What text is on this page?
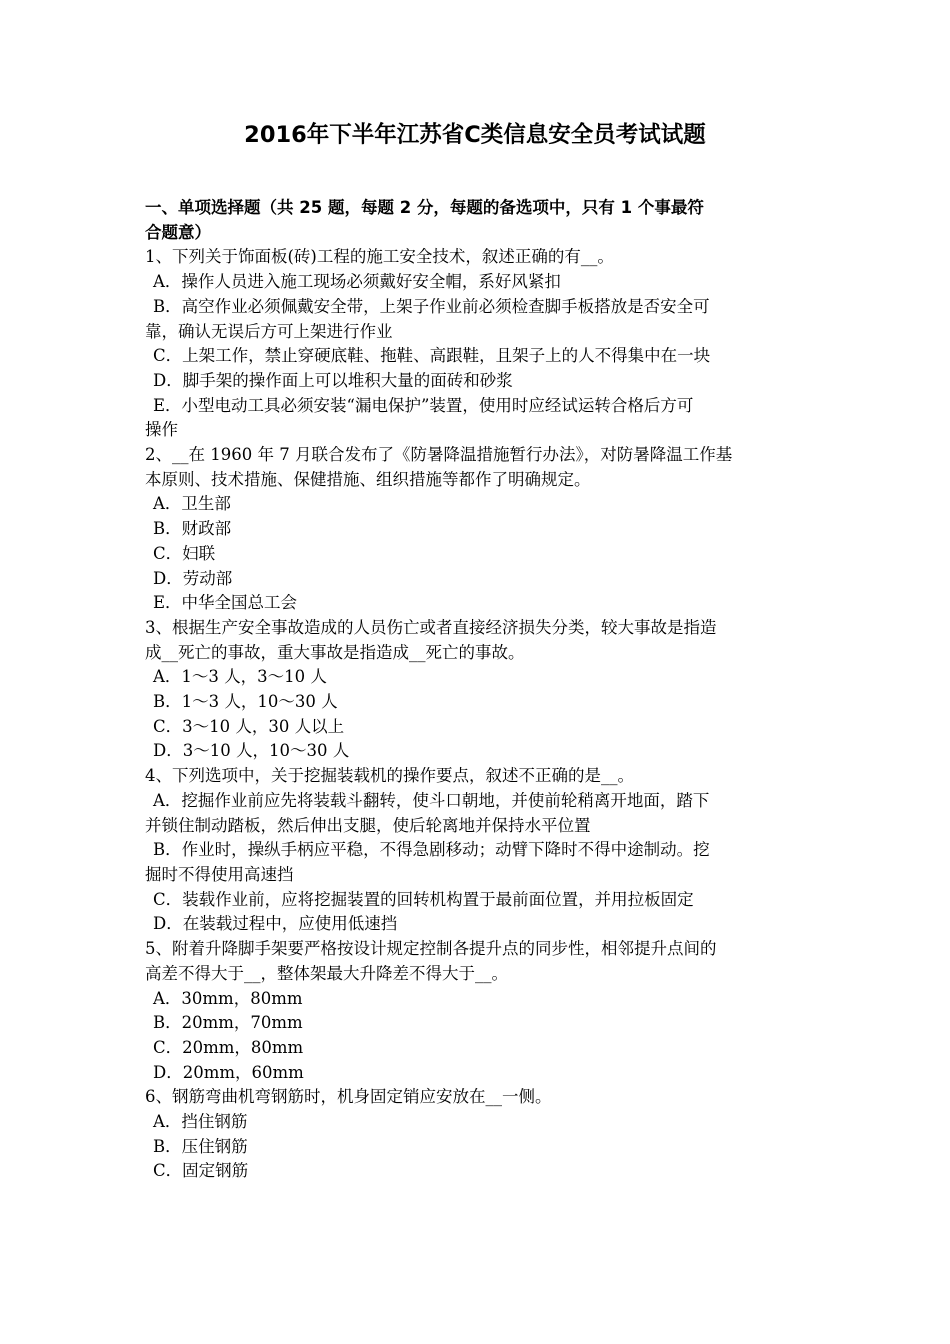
2016年下半年江苏省C类信息安全员考试试题
一、单项选择题（共 25 题，每题 2 分，每题的备选项中，只有 1 个事最符
合题意）
1、下列关于饰面板(砖)工程的施工安全技术，叙述正确的有__。
A．操作人员进入施工现场必须戴好安全帽，系好风紧扣
B．高空作业必须佩戴安全带，上架子作业前必须检查脚手板搭放是否安全可
靠，确认无误后方可上架进行作业
C．上架工作，禁止穿硬底鞋、拖鞋、高跟鞋，且架子上的人不得集中在一块
D．脚手架的操作面上可以堆积大量的面砖和砂浆
E．小型电动工具必须安装“漏电保护”装置，使用时应经试运转合格后方可
操作
2、__在 1960 年 7 月联合发布了《防暑降温措施暂行办法》，对防暑降温工作基
本原则、技术措施、保健措施、组织措施等都作了明确规定。
A．卫生部
B．财政部
C．妇联
D．劳动部
E．中华全国总工会
3、根据生产安全事故造成的人员伤亡或者直接经济损失分类，较大事故是指造
成__死亡的事故，重大事故是指造成__死亡的事故。
A．1～3 人，3～10 人
B．1～3 人，10～30 人
C．3～10 人，30 人以上
D．3～10 人，10～30 人
4、下列选项中，关于挖掘装载机的操作要点，叙述不正确的是__。
A．挖掘作业前应先将装载斗翻转，使斗口朝地，并使前轮稍离开地面，踏下
并锁住制动踏板，然后伸出支腿，使后轮离地并保持水平位置
B．作业时，操纵手柄应平稳，不得急剧移动；动臂下降时不得中途制动。挖
掘时不得使用高速挡
C．装载作业前，应将挖掘装置的回转机构置于最前面位置，并用拉板固定
D．在装载过程中，应使用低速挡
5、附着升降脚手架要严格按设计规定控制各提升点的同步性，相邻提升点间的
高差不得大于__，整体架最大升降差不得大于__。
A．30mm，80mm
B．20mm，70mm
C．20mm，80mm
D．20mm，60mm
6、钢筋弯曲机弯钢筋时，机身固定销应安放在__一侧。
A．挡住钢筋
B．压住钢筋
C．固定钢筋
